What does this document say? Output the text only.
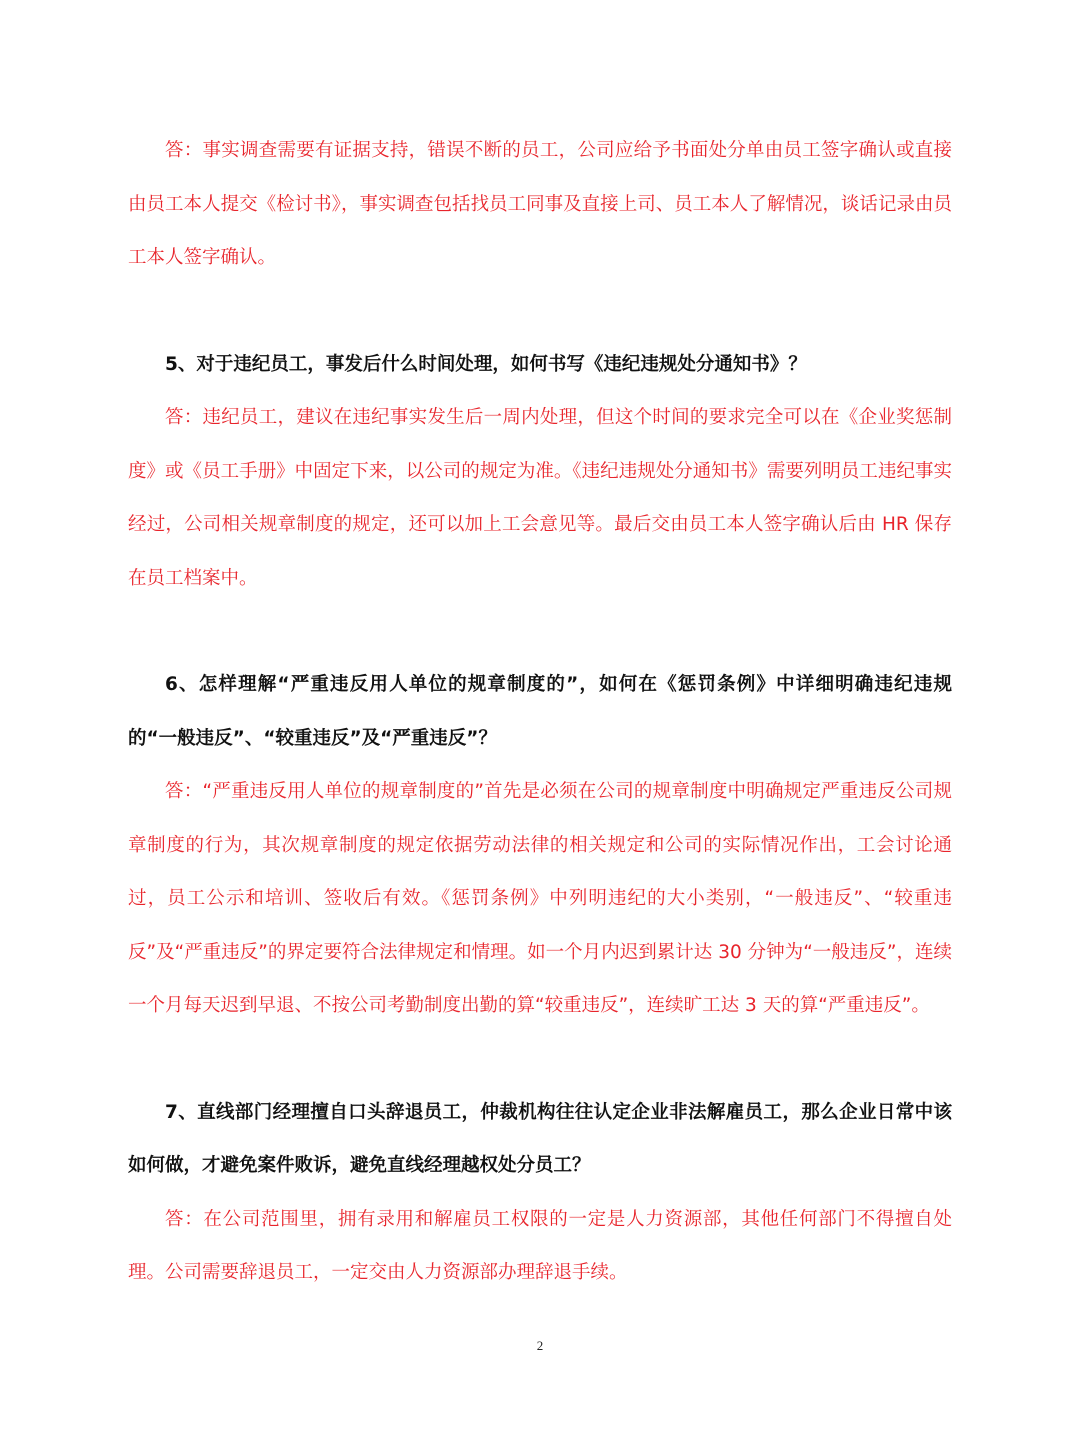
答：事实调查需要有证据支持，错误不断的员工，公司应给予书面处分单由员工签字确认或直接由员工本人提交《检讨书》，事实调查包括找员工同事及直接上司、员工本人了解情况，谈话记录由员工本人签字确认。

5、对于违纪员工，事发后什么时间处理，如何书写《违纪违规处分通知书》？

答：违纪员工，建议在违纪事实发生后一周内处理，但这个时间的要求完全可以在《企业奖惩制度》或《员工手册》中固定下来，以公司的规定为准。《违纪违规处分通知书》需要列明员工违纪事实经过，公司相关规章制度的规定，还可以加上工会意见等。最后交由员工本人签字确认后由 HR 保存在员工档案中。

6、怎样理解“严重违反用人单位的规章制度的”，如何在《惩罚条例》中详细明确违纪违规的“一般违反”、“较重违反”及“严重违反”？

答：“严重违反用人单位的规章制度的”首先是必须在公司的规章制度中明确规定严重违反公司规章制度的行为，其次规章制度的规定依据劳动法律的相关规定和公司的实际情况作出，工会讨论通过，员工公示和培训、签收后有效。《惩罚条例》中列明违纪的大小类别，“一般违反”、“较重违反”及“严重违反”的界定要符合法律规定和情理。如一个月内迟到累计达 30 分钟为“一般违反”，连续一个月每天迟到早退、不按公司考勤制度出勤的算“较重违反”，连续旷工达 3 天的算“严重违反”。

7、直线部门经理擅自口头辞退员工，仲裁机构往往认定企业非法解雇员工，那么企业日常中该如何做，才避免案件败诉，避免直线经理越权处分员工？

答：在公司范围里，拥有录用和解雇员工权限的一定是人力资源部，其他任何部门不得擅自处理。公司需要辞退员工，一定交由人力资源部办理辞退手续。

2
